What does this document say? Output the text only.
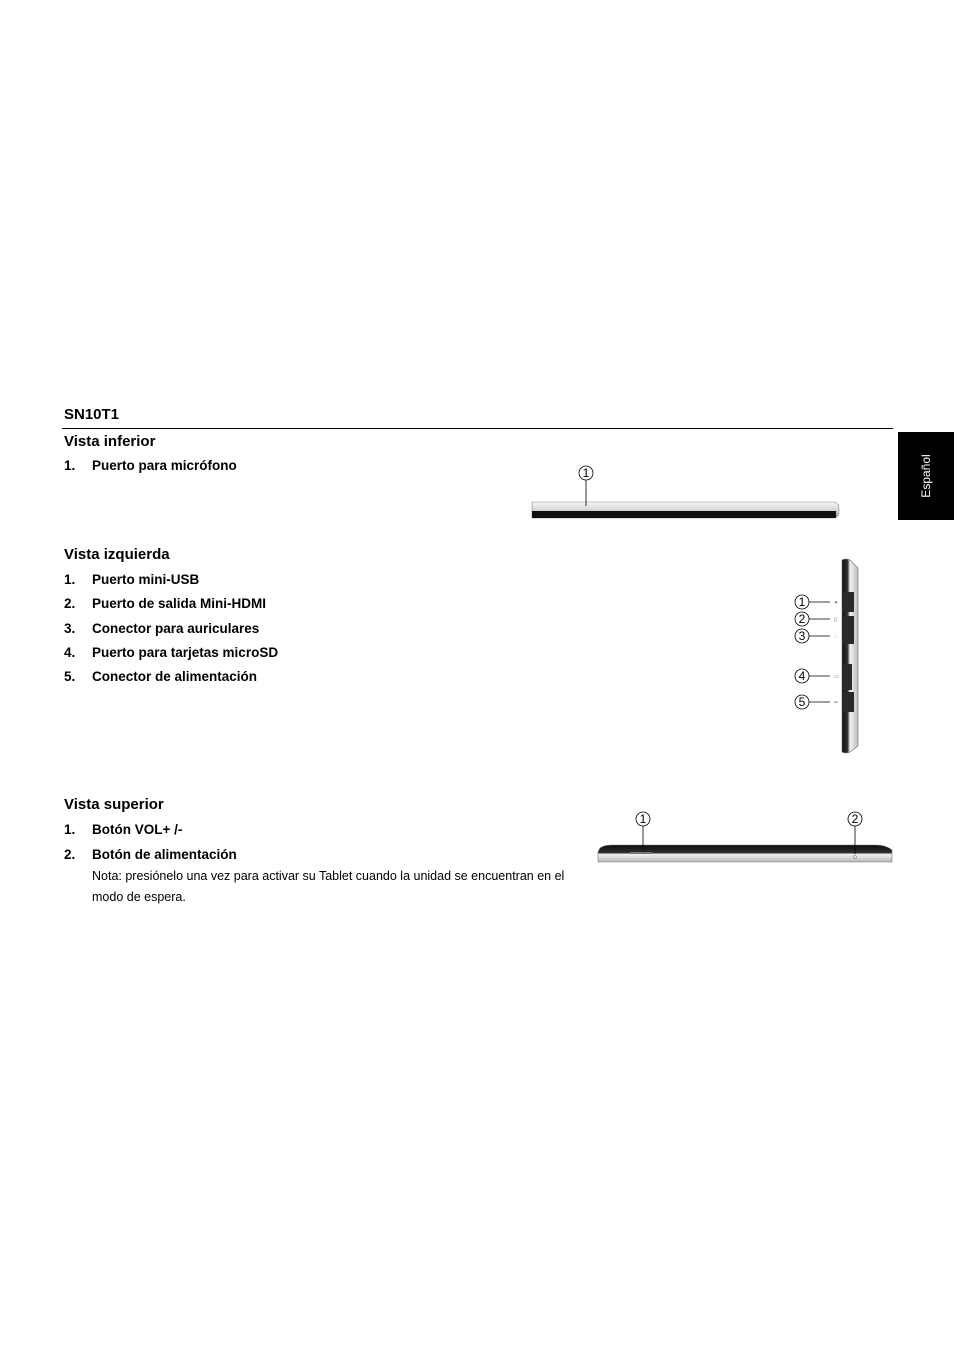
SN10T1
Español
Vista inferior
1. Puerto para micrófono	1
Vista izquierda
1. Puerto mini-USB
2. Puerto de salida Mini-HDMI
3. Conector para auriculares
4. Puerto para tarjetas microSD
5. Conector de alimentación
✦
▯
◌
▭
═
1
2
3
4
5
Vista superior
1. Botón VOL+ /-
2. Botón de alimentación
Nota: presiónelo una vez para activar su Tablet cuando la unidad se encuentran en el modo de espera.
1	2
